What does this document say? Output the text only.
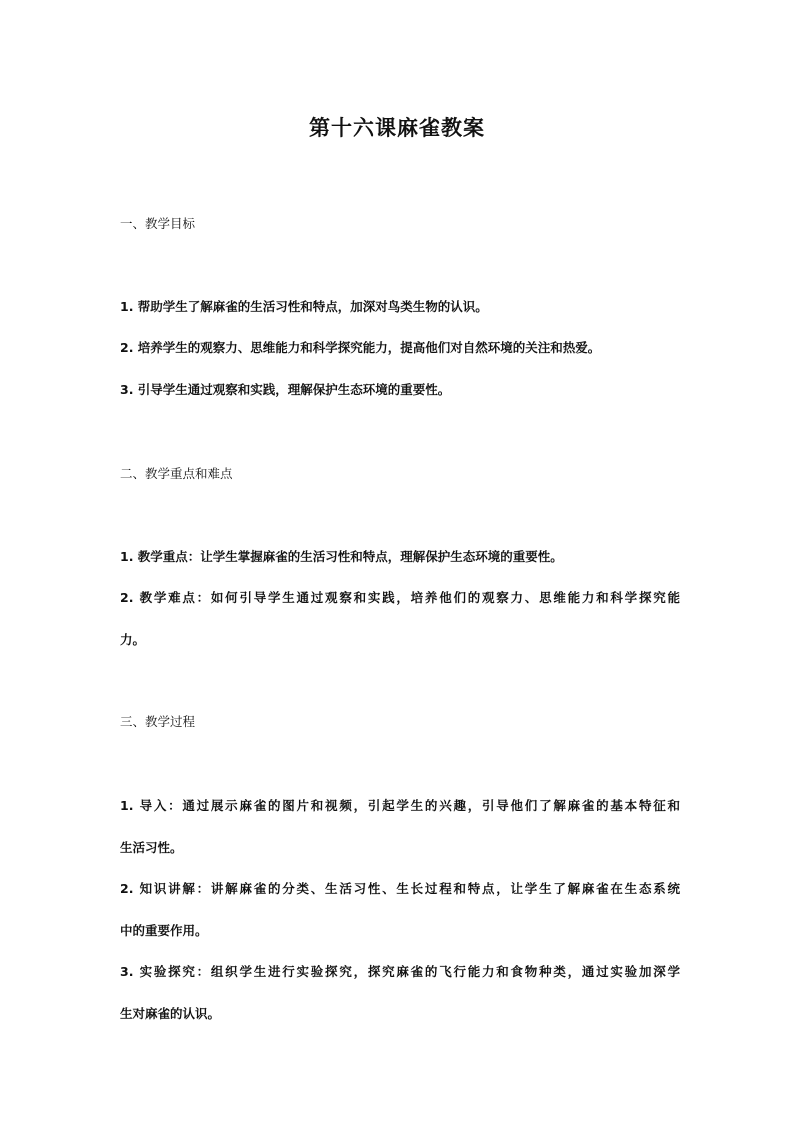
第十六课麻雀教案
一、教学目标
1. 帮助学生了解麻雀的生活习性和特点，加深对鸟类生物的认识。
2. 培养学生的观察力、思维能力和科学探究能力，提高他们对自然环境的关注和热爱。
3. 引导学生通过观察和实践，理解保护生态环境的重要性。
二、教学重点和难点
1. 教学重点：让学生掌握麻雀的生活习性和特点，理解保护生态环境的重要性。
2. 教学难点：如何引导学生通过观察和实践，培养他们的观察力、思维能力和科学探究能
力。
三、教学过程
1. 导入：通过展示麻雀的图片和视频，引起学生的兴趣，引导他们了解麻雀的基本特征和
生活习性。
2. 知识讲解：讲解麻雀的分类、生活习性、生长过程和特点，让学生了解麻雀在生态系统
中的重要作用。
3. 实验探究：组织学生进行实验探究，探究麻雀的飞行能力和食物种类，通过实验加深学
生对麻雀的认识。
